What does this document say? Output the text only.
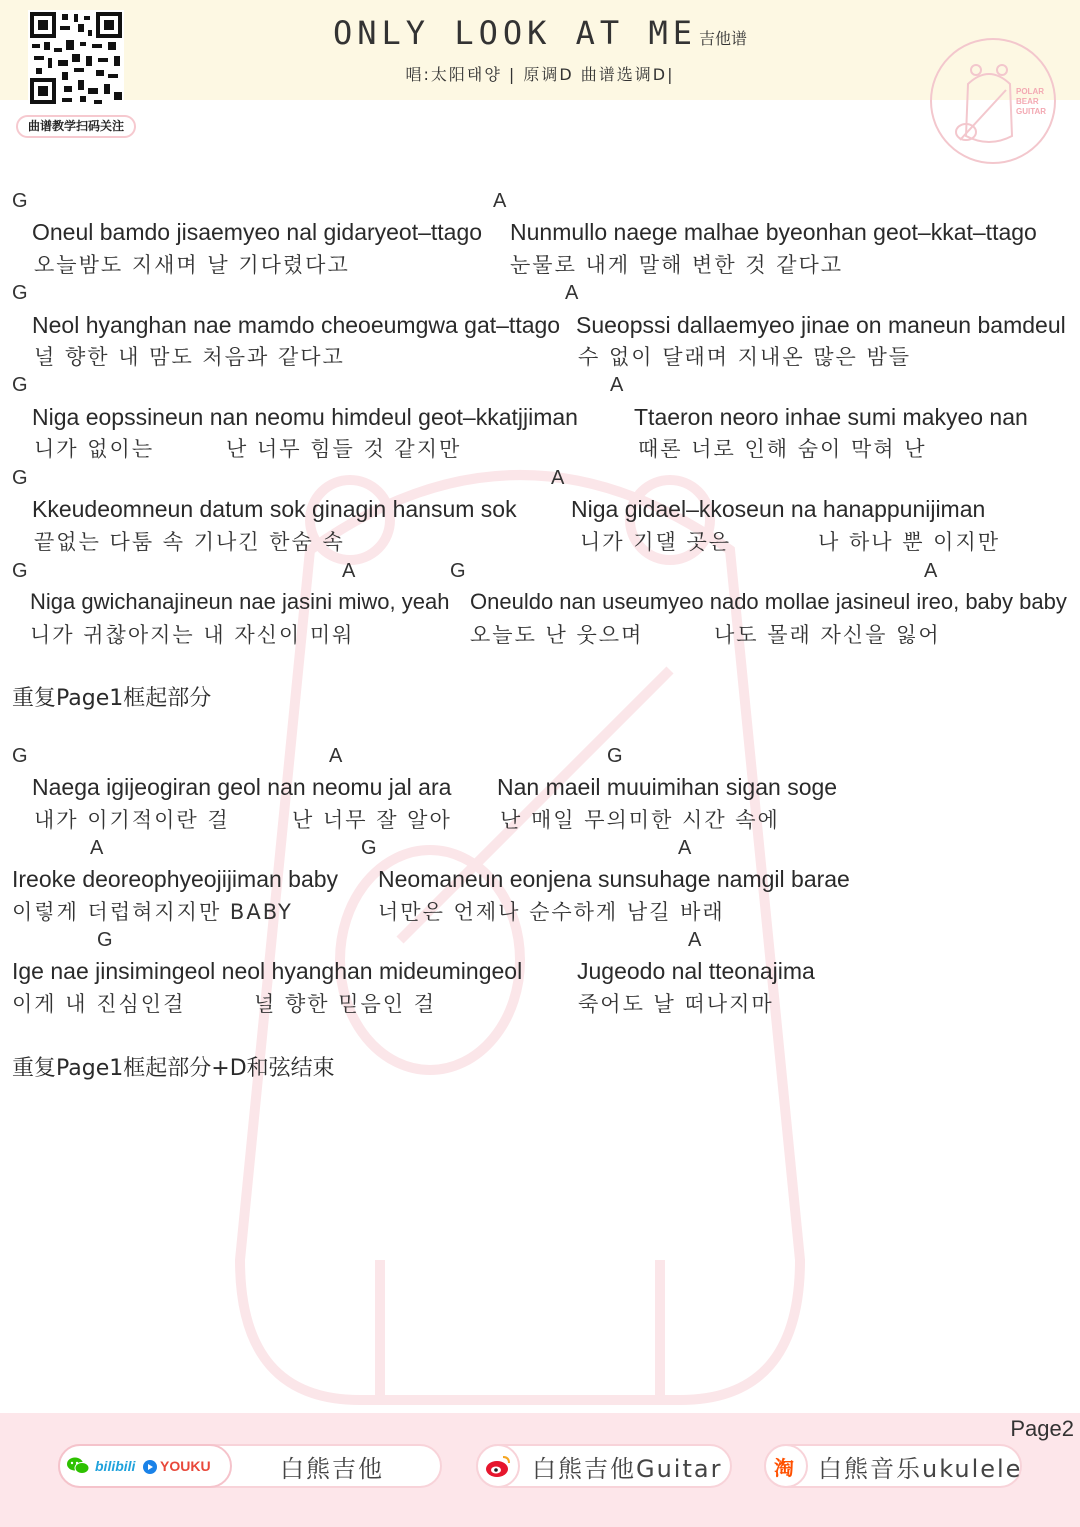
曲谱教学扫码关注
ONLY LOOK AT ME 吉他谱
唱:太阳태양 | 原调D 曲谱选调D|
POLAR
BEAR
GUITAR
G	A
Oneul bamdo jisaemyeo nal gidaryeot–ttago Nunmullo naege malhae byeonhan geot–kkat–ttago
오늘밤도 지새며 날 기다렸다고	눈물로 내게 말해 변한 것 같다고
G	A
Neol hyanghan nae mamdo cheoeumgwa gat–ttago Sueopssi dallaemyeo jinae on maneun bamdeul
널 향한 내 맘도 처음과 같다고	수 없이 달래며 지내온 많은 밤들
G	A
Niga eopssineun nan neomu himdeul geot–kkatjjiman Ttaeron neoro inhae sumi makyeo nan
니가 없이는	난 너무 힘들 것 같지만	때론 너로 인해 숨이 막혀 난
G	A
Kkeudeomneun datum sok ginagin hansum sok Niga gidael–kkoseun na hanappunijiman
끝없는 다툼 속 기나긴 한숨 속	니가 기댈 곳은	나 하나 뿐 이지만
G	A	G	A
Niga gwichanajineun nae jasini miwo, yeah Oneuldo nan useumyeo nado mollae jasineul ireo, baby baby
니가 귀찮아지는 내 자신이 미워	오늘도 난 웃으며	나도 몰래 자신을 잃어
重复Page1框起部分
G	A	G
Naega igijeogiran geol nan neomu jal ara Nan maeil muuimihan sigan soge
내가 이기적이란 걸	난 너무 잘 알아 난 매일 무의미한 시간 속에
A	G	A
Ireoke deoreophyeojijiman baby Neomaneun eonjena sunsuhage namgil barae
이렇게 더럽혀지지만 BABY	너만은 언제나 순수하게 남길 바래
G	A
Ige nae jinsimingeol neol hyanghan mideumingeol Jugeodo nal tteonajima
이게 내 진심인걸	널 향한 믿음인 걸	죽어도 날 떠나지마
重复Page1框起部分+D和弦结束
Page2
bilibili YOUKU	白熊吉他	白熊吉他Guitar	淘 白熊音乐ukulele
